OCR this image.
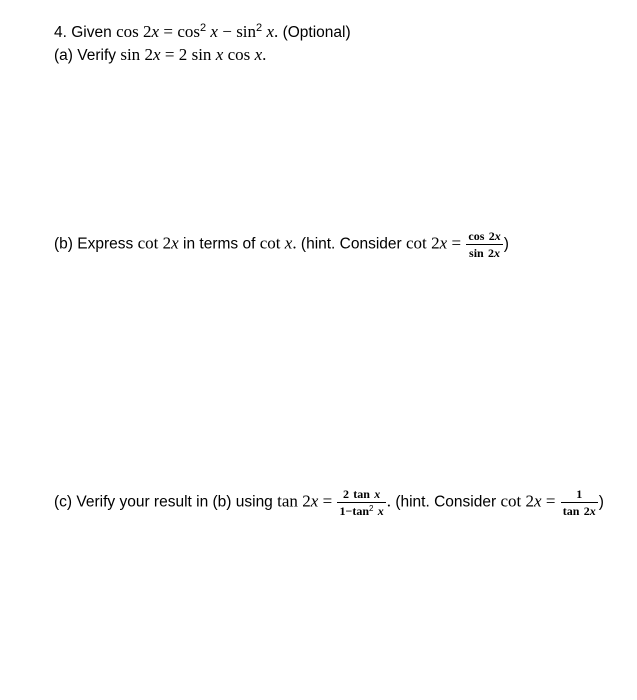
4. Given $\cos 2x = \cos^2 x - \sin^2 x$. (Optional)
(a) Verify sin 2x = 2 sin x cos x.
(b) Express cot 2x in terms of cot x. (hint. Consider $\cot 2x = \frac{\cos 2x}{\sin 2x}$ )
(c) Verify your result in (b) using $\tan 2x = \frac{\text{2 tan x}}{1-\tan^2 x}$ . (hint. Consider $\cot 2x = \frac{1}{\tan 2x}$ )
